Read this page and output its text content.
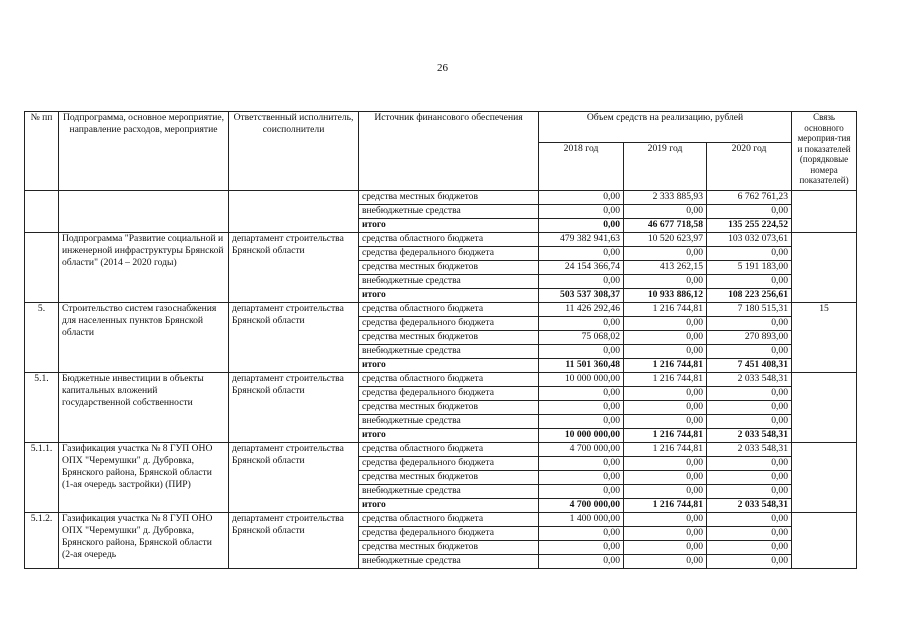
26
№ пп	Подпрограмма, основное мероприятие, направление расходов, мероприятие	Ответственный исполнитель, соисполнители	Источник финансового обеспечения	Объем средств на реализацию, рублей			Связь основного мероприя-тия и показателей (порядковые номера показателей)
				2018 год	2019 год	2020 год	
			средства местных бюджетов	0,00	2 333 885,93	6 762 761,23	
			внебюджетные средства	0,00	0,00	0,00	
			итого	0,00	46 677 718,58	135 255 224,52	
	Подпрограмма "Развитие социальной и инженерной инфраструктуры Брянской области" (2014 – 2020 годы)	департамент строительства Брянской области	средства областного бюджета	479 382 941,63	10 520 623,97	103 032 073,61	
			средства федерального бюджета	0,00	0,00	0,00	
			средства местных бюджетов	24 154 366,74	413 262,15	5 191 183,00	
			внебюджетные средства	0,00	0,00	0,00	
			итого	503 537 308,37	10 933 886,12	108 223 256,61	
5.	Строительство систем газоснабжения для населенных пунктов Брянской области	департамент строительства Брянской области	средства областного бюджета	11 426 292,46	1 216 744,81	7 180 515,31	15
			средства федерального бюджета	0,00	0,00	0,00	
			средства местных бюджетов	75 068,02	0,00	270 893,00	
			внебюджетные средства	0,00	0,00	0,00	
			итого	11 501 360,48	1 216 744,81	7 451 408,31	
5.1.	Бюджетные инвестиции в объекты капитальных вложений государственной собственности	департамент строительства Брянской области	средства областного бюджета	10 000 000,00	1 216 744,81	2 033 548,31	
			средства федерального бюджета	0,00	0,00	0,00	
			средства местных бюджетов	0,00	0,00	0,00	
			внебюджетные средства	0,00	0,00	0,00	
			итого	10 000 000,00	1 216 744,81	2 033 548,31	
5.1.1.	Газификация участка № 8 ГУП ОНО ОПХ "Черемушки" д. Дубровка, Брянского района, Брянской области (1-ая очередь застройки) (ПИР)	департамент строительства Брянской области	средства областного бюджета	4 700 000,00	1 216 744,81	2 033 548,31	
			средства федерального бюджета	0,00	0,00	0,00	
			средства местных бюджетов	0,00	0,00	0,00	
			внебюджетные средства	0,00	0,00	0,00	
			итого	4 700 000,00	1 216 744,81	2 033 548,31	
5.1.2.	Газификация участка № 8 ГУП ОНО ОПХ "Черемушки" д. Дубровка, Брянского района, Брянской области (2-ая очередь	департамент строительства Брянской области	средства областного бюджета	1 400 000,00	0,00	0,00	
			средства федерального бюджета	0,00	0,00	0,00	
			средства местных бюджетов	0,00	0,00	0,00	
			внебюджетные средства	0,00	0,00	0,00	
